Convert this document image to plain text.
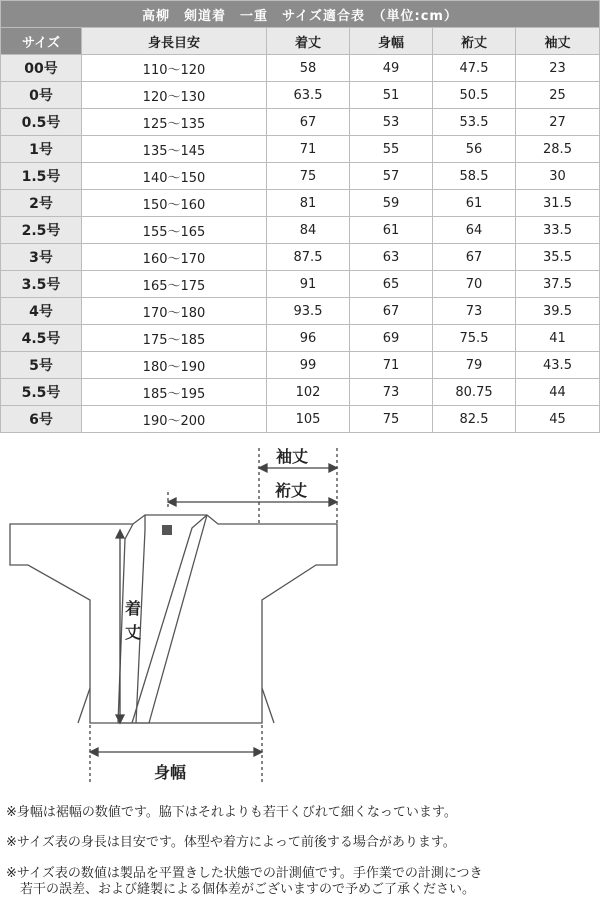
高柳　剣道着　一重　サイズ適合表　（単位:cm）					
サイズ	身長目安	着丈	身幅	裄丈	袖丈
00号	110〜120	58	49	47.5	23
0号	120〜130	63.5	51	50.5	25
0.5号	125〜135	67	53	53.5	27
1号	135〜145	71	55	56	28.5
1.5号	140〜150	75	57	58.5	30
2号	150〜160	81	59	61	31.5
2.5号	155〜165	84	61	64	33.5
3号	160〜170	87.5	63	67	35.5
3.5号	165〜175	91	65	70	37.5
4号	170〜180	93.5	67	73	39.5
4.5号	175〜185	96	69	75.5	41
5号	180〜190	99	71	79	43.5
5.5号	185〜195	102	73	80.75	44
6号	190〜200	105	75	82.5	45
袖丈
裄丈
着
丈
身幅

※身幅は裾幅の数値です。脇下はそれよりも若干くびれて細くなっています。

※サイズ表の身長は目安です。体型や着方によって前後する場合があります。

※サイズ表の数値は製品を平置きした状態での計測値です。手作業での計測につき

若干の誤差、および縫製による個体差がございますので予めご了承ください。
